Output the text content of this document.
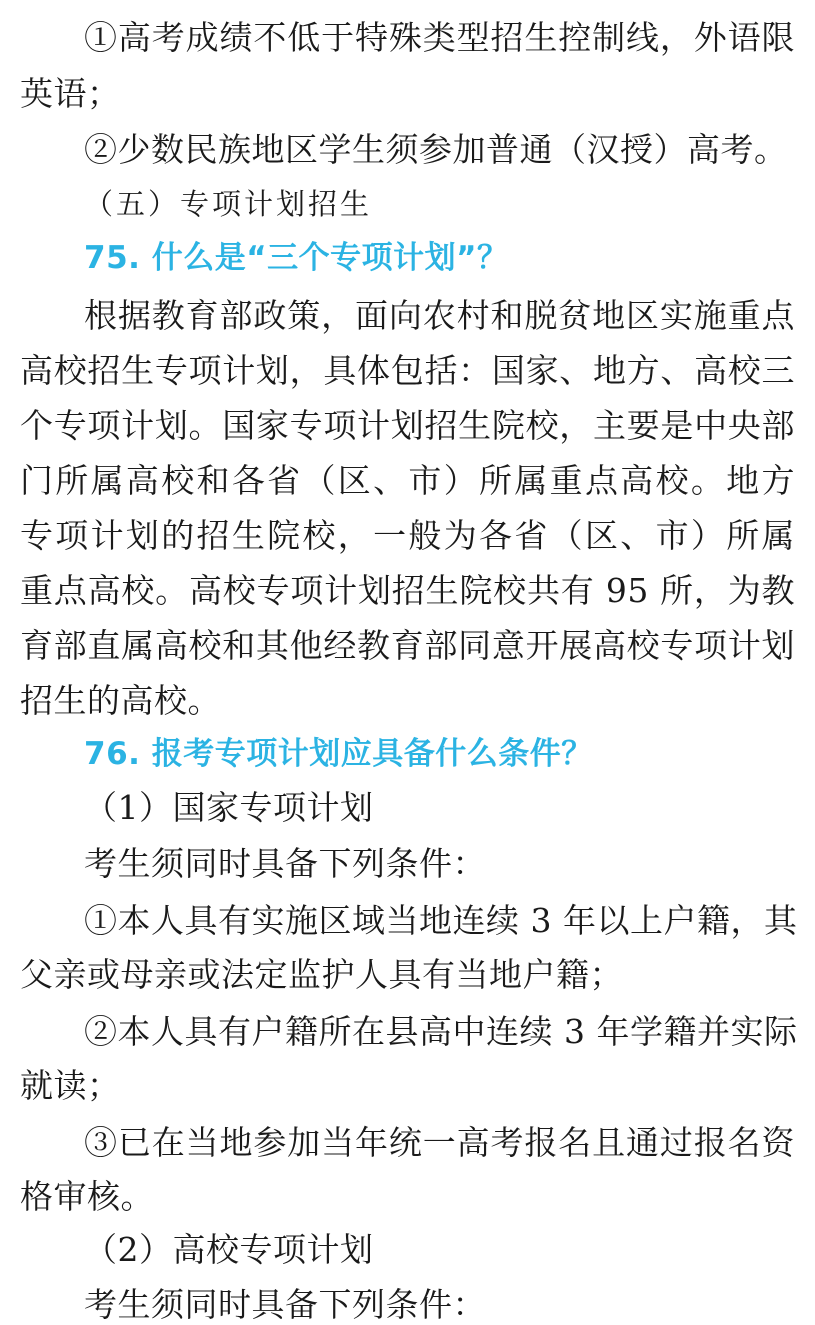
①高考成绩不低于特殊类型招生控制线，外语限
英语；
②少数民族地区学生须参加普通（汉授）高考。
（五）专项计划招生
75. 什么是“三个专项计划”？
根据教育部政策，面向农村和脱贫地区实施重点
高校招生专项计划，具体包括：国家、地方、高校三
个专项计划。国家专项计划招生院校，主要是中央部
门所属高校和各省（区、市）所属重点高校。地方
专项计划的招生院校，一般为各省（区、市）所属
重点高校。高校专项计划招生院校共有 95 所，为教
育部直属高校和其他经教育部同意开展高校专项计划
招生的高校。
76. 报考专项计划应具备什么条件？
（1）国家专项计划
考生须同时具备下列条件：
①本人具有实施区域当地连续 3 年以上户籍，其
父亲或母亲或法定监护人具有当地户籍；
②本人具有户籍所在县高中连续 3 年学籍并实际
就读；
③已在当地参加当年统一高考报名且通过报名资
格审核。
（2）高校专项计划
考生须同时具备下列条件：
